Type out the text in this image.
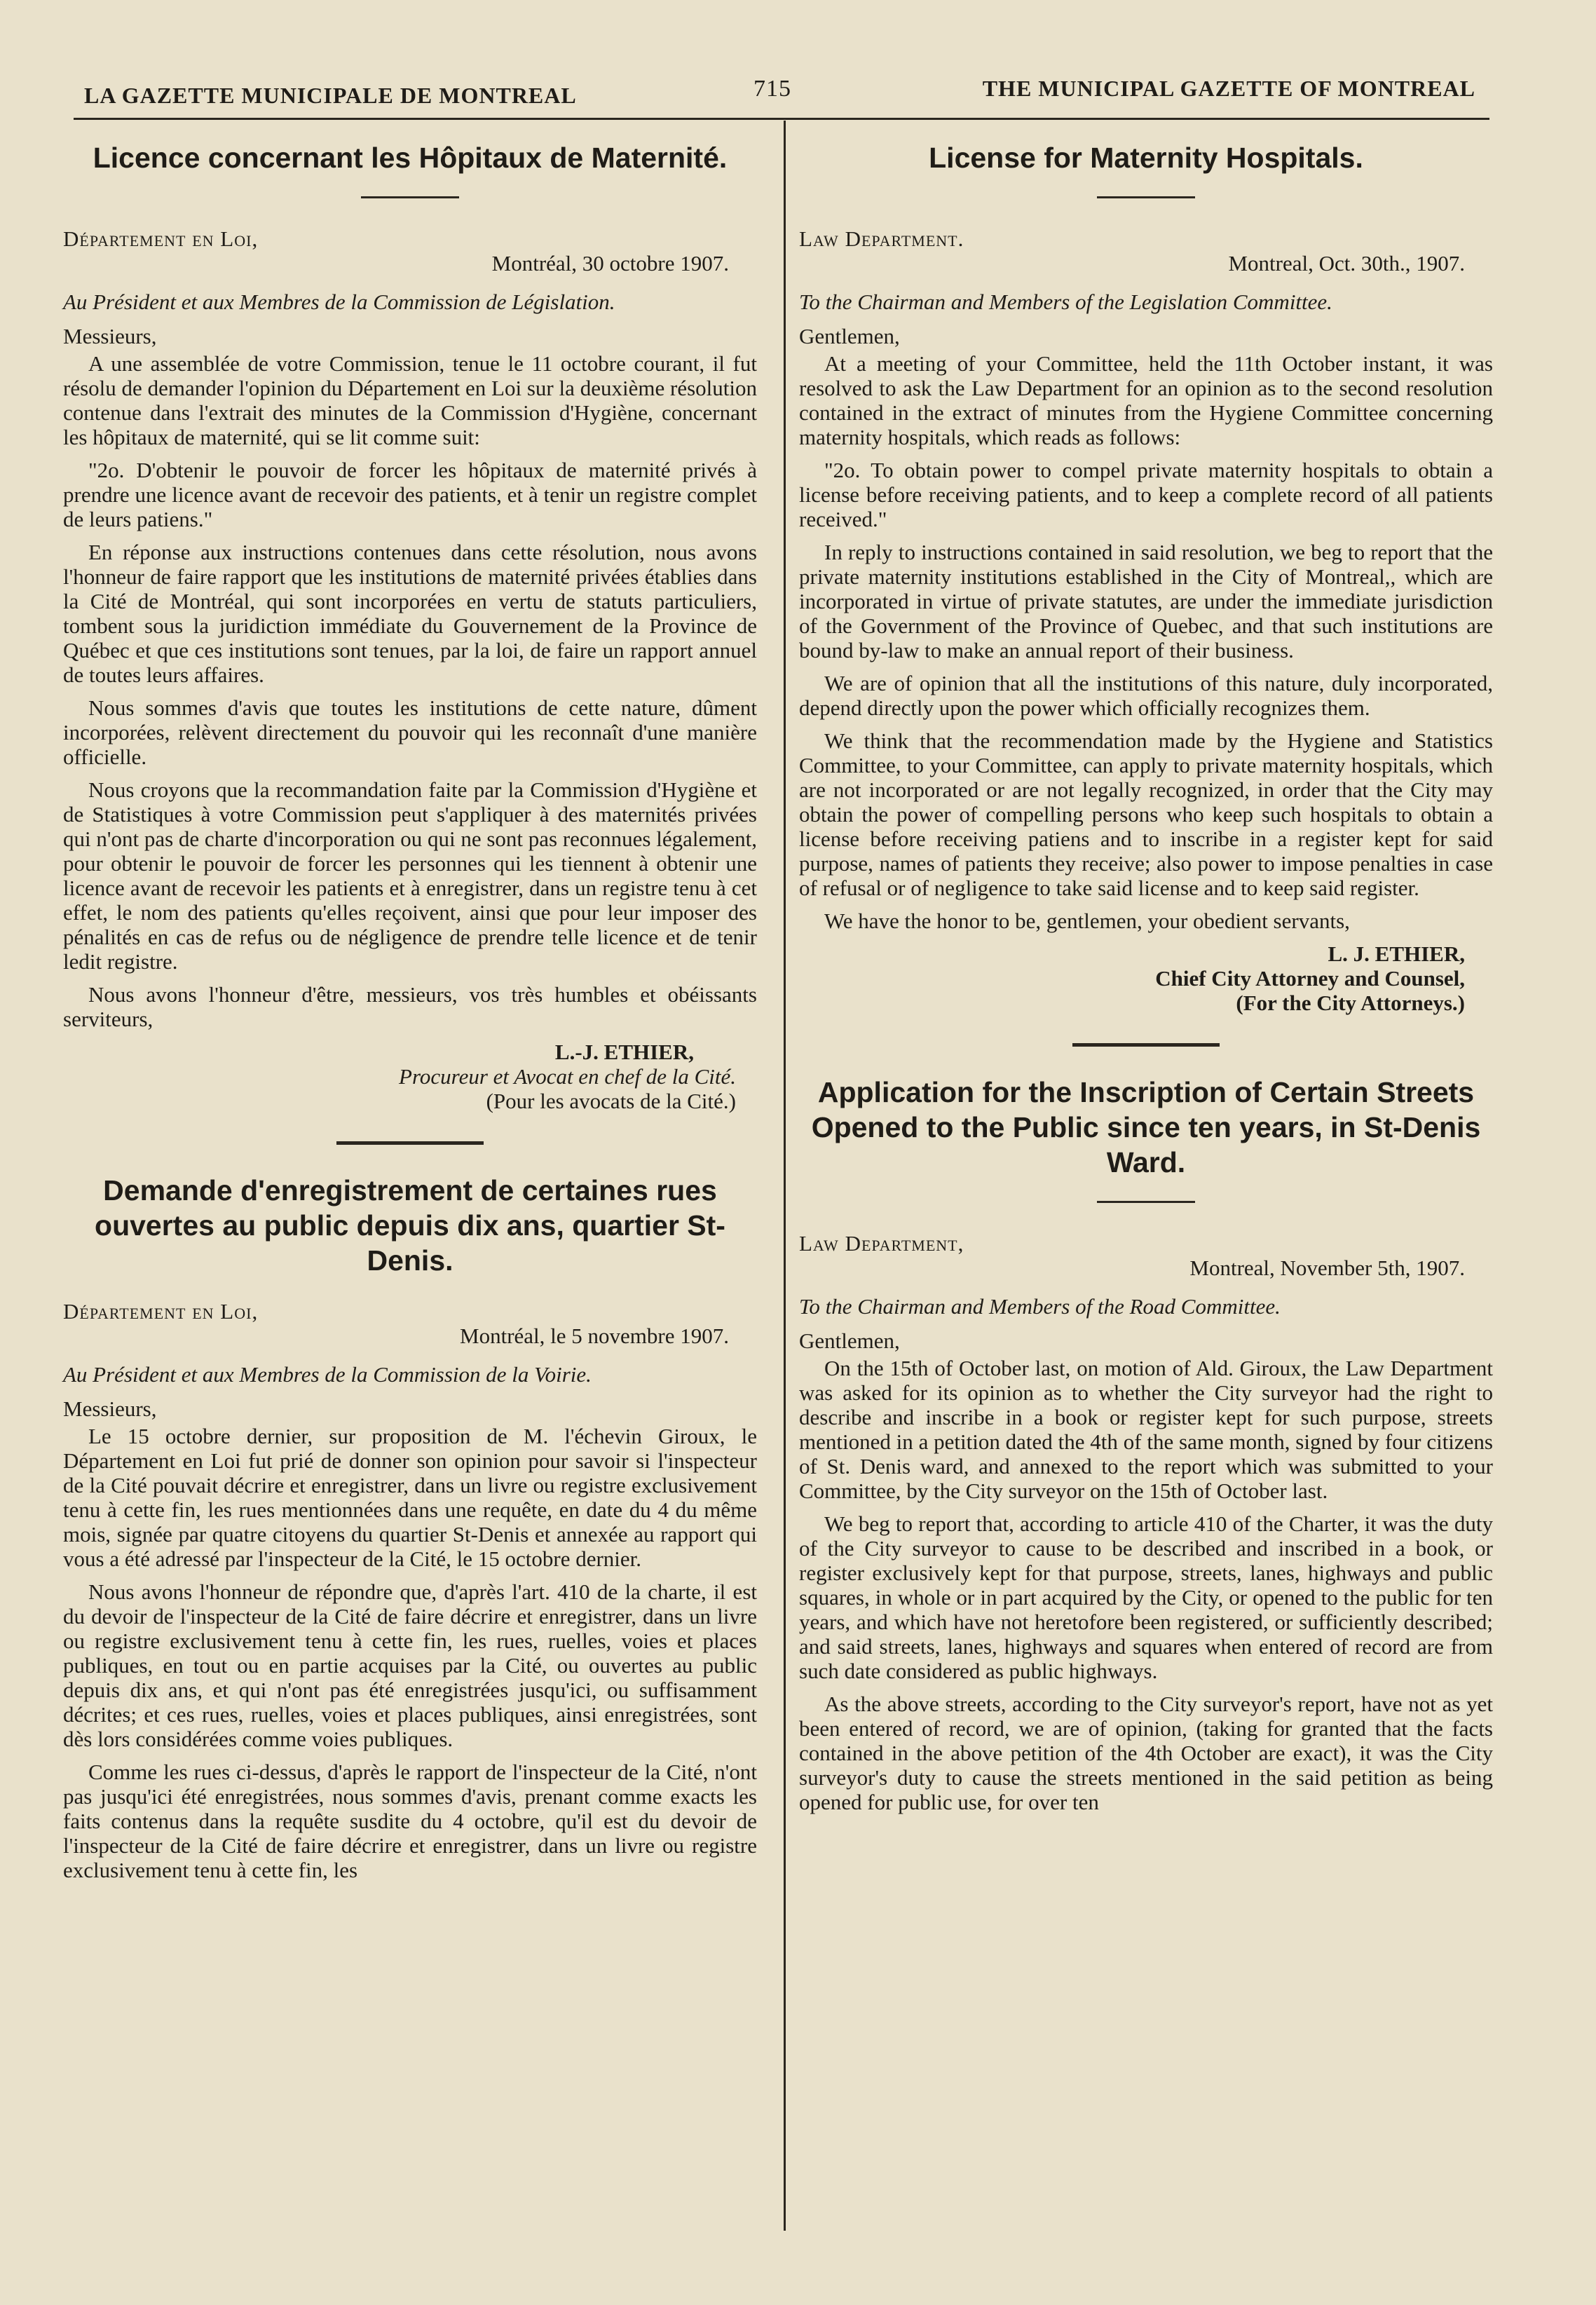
LA GAZETTE MUNICIPALE DE MONTREAL	715	THE MUNICIPAL GAZETTE OF MONTREAL
Licence concernant les Hôpitaux de Maternité.
Département en Loi,
Montréal, 30 octobre 1907.
Au Président et aux Membres de la Commission de Législation.
Messieurs,

A une assemblée de votre Commission, tenue le 11 octobre courant, il fut résolu de demander l'opinion du Département en Loi sur la deuxième résolution contenue dans l'extrait des minutes de la Commission d'Hygiène, concernant les hôpitaux de maternité, qui se lit comme suit:

"2o. D'obtenir le pouvoir de forcer les hôpitaux de maternité privés à prendre une licence avant de recevoir des patients, et à tenir un registre complet de leurs patiens."

En réponse aux instructions contenues dans cette résolution, nous avons l'honneur de faire rapport que les institutions de maternité privées établies dans la Cité de Montréal, qui sont incorporées en vertu de statuts particuliers, tombent sous la juridiction immédiate du Gouvernement de la Province de Québec et que ces institutions sont tenues, par la loi, de faire un rapport annuel de toutes leurs affaires.

Nous sommes d'avis que toutes les institutions de cette nature, dûment incorporées, relèvent directement du pouvoir qui les reconnaît d'une manière officielle.

Nous croyons que la recommandation faite par la Commission d'Hygiène et de Statistiques à votre Commission peut s'appliquer à des maternités privées qui n'ont pas de charte d'incorporation ou qui ne sont pas reconnues légalement, pour obtenir le pouvoir de forcer les personnes qui les tiennent à obtenir une licence avant de recevoir les patients et à enregistrer, dans un registre tenu à cet effet, le nom des patients qu'elles reçoivent, ainsi que pour leur imposer des pénalités en cas de refus ou de négligence de prendre telle licence et de tenir ledit registre.

Nous avons l'honneur d'être, messieurs, vos très humbles et obéissants serviteurs,

L.-J. ETHIER,
Procureur et Avocat en chef de la Cité.
(Pour les avocats de la Cité.)
Demande d'enregistrement de certaines rues ouvertes au public depuis dix ans, quartier St-Denis.
Département en Loi,
Montréal, le 5 novembre 1907.
Au Président et aux Membres de la Commission de la Voirie.
Messieurs,

Le 15 octobre dernier, sur proposition de M. l'échevin Giroux, le Département en Loi fut prié de donner son opinion pour savoir si l'inspecteur de la Cité pouvait décrire et enregistrer, dans un livre ou registre exclusivement tenu à cette fin, les rues mentionnées dans une requête, en date du 4 du même mois, signée par quatre citoyens du quartier St-Denis et annexée au rapport qui vous a été adressé par l'inspecteur de la Cité, le 15 octobre dernier.

Nous avons l'honneur de répondre que, d'après l'art. 410 de la charte, il est du devoir de l'inspecteur de la Cité de faire décrire et enregistrer, dans un livre ou registre exclusivement tenu à cette fin, les rues, ruelles, voies et places publiques, en tout ou en partie acquises par la Cité, ou ouvertes au public depuis dix ans, et qui n'ont pas été enregistrées jusqu'ici, ou suffisamment décrites; et ces rues, ruelles, voies et places publiques, ainsi enregistrées, sont dès lors considérées comme voies publiques.

Comme les rues ci-dessus, d'après le rapport de l'inspecteur de la Cité, n'ont pas jusqu'ici été enregistrées, nous sommes d'avis, prenant comme exacts les faits contenus dans la requête susdite du 4 octobre, qu'il est du devoir de l'inspecteur de la Cité de faire décrire et enregistrer, dans un livre ou registre exclusivement tenu à cette fin, les

License for Maternity Hospitals.
Law Department.
Montreal, Oct. 30th., 1907.
To the Chairman and Members of the Legislation Committee.
Gentlemen,

At a meeting of your Committee, held the 11th October instant, it was resolved to ask the Law Department for an opinion as to the second resolution contained in the extract of minutes from the Hygiene Committee concerning maternity hospitals, which reads as follows:

"2o. To obtain power to compel private maternity hospitals to obtain a license before receiving patients, and to keep a complete record of all patients received."

In reply to instructions contained in said resolution, we beg to report that the private maternity institutions established in the City of Montreal,, which are incorporated in virtue of private statutes, are under the immediate jurisdiction of the Government of the Province of Quebec, and that such institutions are bound by-law to make an annual report of their business.

We are of opinion that all the institutions of this nature, duly incorporated, depend directly upon the power which officially recognizes them.

We think that the recommendation made by the Hygiene and Statistics Committee, to your Committee, can apply to private maternity hospitals, which are not incorporated or are not legally recognized, in order that the City may obtain the power of compelling persons who keep such hospitals to obtain a license before receiving patiens and to inscribe in a register kept for said purpose, names of patients they receive; also power to impose penalties in case of refusal or of negligence to take said license and to keep said register.

We have the honor to be, gentlemen, your obedient servants,

L. J. ETHIER,
Chief City Attorney and Counsel,
(For the City Attorneys.)
Application for the Inscription of Certain Streets Opened to the Public since ten years, in St-Denis Ward.
Law Department,
Montreal, November 5th, 1907.
To the Chairman and Members of the Road Committee.
Gentlemen,

On the 15th of October last, on motion of Ald. Giroux, the Law Department was asked for its opinion as to whether the City surveyor had the right to describe and inscribe in a book or register kept for such purpose, streets mentioned in a petition dated the 4th of the same month, signed by four citizens of St. Denis ward, and annexed to the report which was submitted to your Committee, by the City surveyor on the 15th of October last.

We beg to report that, according to article 410 of the Charter, it was the duty of the City surveyor to cause to be described and inscribed in a book, or register exclusively kept for that purpose, streets, lanes, highways and public squares, in whole or in part acquired by the City, or opened to the public for ten years, and which have not heretofore been registered, or sufficiently described; and said streets, lanes, highways and squares when entered of record are from such date considered as public highways.

As the above streets, according to the City surveyor's report, have not as yet been entered of record, we are of opinion, (taking for granted that the facts contained in the above petition of the 4th October are exact), it was the City surveyor's duty to cause the streets mentioned in the said petition as being opened for public use, for over ten
